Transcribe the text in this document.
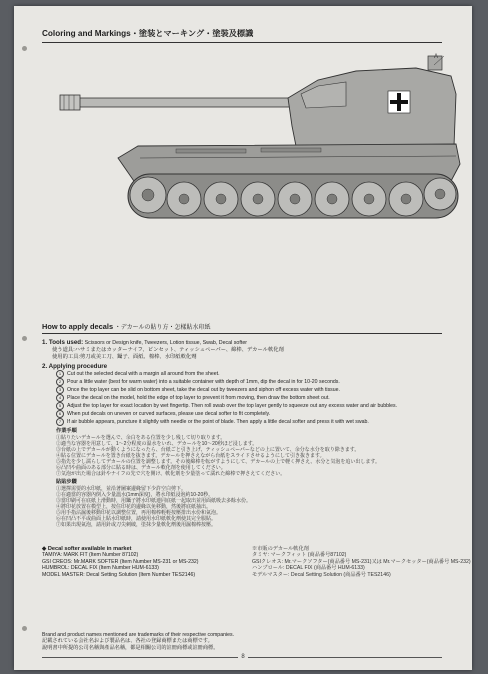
Coloring and Markings・塗装とマーキング・塗裝及標識
A
How to apply decals ・デカールの貼り方・怎樣貼水印紙
1. Tools used: Scissors or Design knife, Tweezers, Lotion tissue, Swab, Decal softer
使う道具:ハサミまたはカッターナイフ、ピンセット、ティッシュペーパー、綿棒、デカール軟化剤
使用的工具:剪刀或美工刀、鑷子、面紙、棉棒、水印紙軟化劑
2. Applying procedure
1 Cut out the selected decal with a margin all around from the sheet.
2 Pour a little water (best for warm water) into a suitable container with depth of 1mm, dip the decal in for 10-20 seconds.
3 Once the top layer can be slid on bottom sheet, take the decal out by tweezers and siphon off excess water with tissue.
4 Place the decal on the model, hold the edge of top layer to prevent it from moving, then draw the bottom sheet out.
5 Adjust the top layer for exact location by wet fingertip. Then roll swab over the top layer gently to squeeze out any excess water and air bubbles.
6 When put decals on uneven or curved surfaces, please use decal softer to fit completely.
7 If air bubble appears, puncture it slightly with needle or the point of blade. Then apply a little decal softer and press it with wet swab.
作業手順
①貼りたいデカールを選んで、余白をある位置を少し残して切り取ります。
②適当な容器を用意して、1〜2分程度の温水をいれ、デカールを10〜20秒ほど浸します。
③台紙の上でデカールが動くようになったら、台紙ごと引き上げ、ティッシュペーパーなどの上に置いて、余分な水分を取り除きます。
④貼る位置にデカールを置き台紙を抜きます。デカールを押さえながら台紙をスライドさせるようにして引き抜きます。
⑤指先を少し濡らしてデカールの位置を調整します。その後綿棒を転がすようにして、デカールの上で軽く押さえ、水分と気泡を追い出します。
⑥凸凹や曲面のある部分に貼る時は、デカール軟化剤を使用してください。
⑦気泡が出た場合は針やナイフの先で穴を開け、軟化剤を少量塗って濡れた綿棒で押さえてください。
貼貼步驟
①選擇需要的水印紙，並沿著圖案邊緣留下少許空白剪下。
②在適當的容器內倒入少量溫水(1mm深度)，將水印紙浸泡約10-20秒。
③當印刷可在底紙上滑動時，用鑷子將水印紙連同底紙一起取出並用面紙吸去多餘水份。
④將印花放置在模型上，按住印花的邊緣以免移動，然後將底紙抽出。
⑤用手指沾濕後移動印花以調整位置，再用棉棒輕輕按壓排出水份和氣泡。
⑥在凹凸不平或曲面上貼水印紙時，請使用水印紙軟化劑使其完全服貼。
⑦如果出現氣泡，請用針或刀尖刺破，塗抹少量軟化劑後用濕棉棒按壓。
◆ Decal softer available in market
TAMIYA: MARK FIT (Item Number 87102)
GSI CREOS: Mr.MARK SOFTER (Item Number MS-231 or MS-232)
HUMBROL: DECAL FIX (Item Number HUM-6133)
MODEL MASTER: Decal Setting Solution (Item Number TES2146)
※市販のデカール軟化剤
タミヤ: マークフィット (商品番号87102)
GSIクレオス: Mr.マークソフター(商品番号 MS-231)又は Mr.マークセッター(商品番号 MS-232)
ハンブロール: DECAL FIX (商品番号 HUM-6133)
モデルマスター: Decal Setting Solution (商品番号 TES2146)
Brand and product names mentioned are trademarks of their respective companies.
記載されている会社名および製品名は、各社の登録商標または商標です。
說明書中所提的公司名稱與產品名稱，都是相關公司的註冊商標或註冊商標。
8
